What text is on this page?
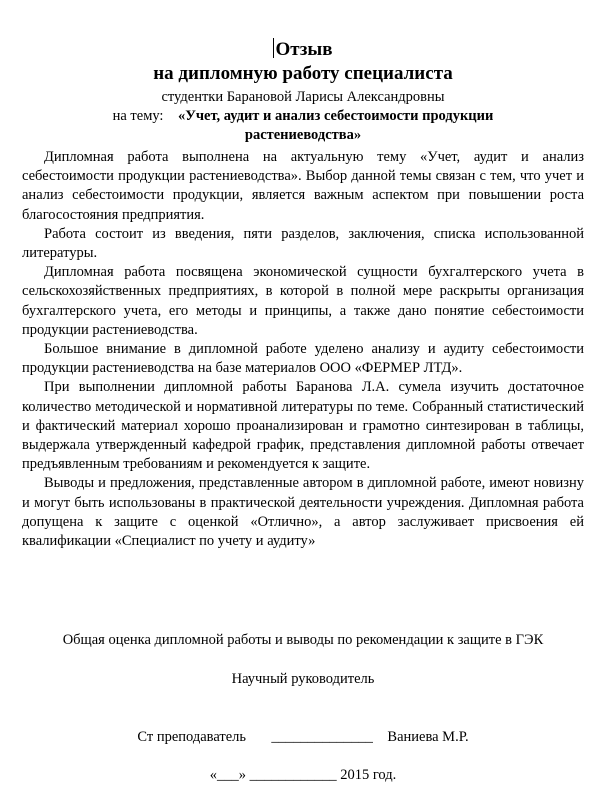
Отзыв
на дипломную работу специалиста
студентки Барановой Ларисы Александровны
на тему: «Учет, аудит и анализ себестоимости продукции
растениеводства»

Дипломная работа выполнена на актуальную тему «Учет, аудит и анализ себестоимости продукции растениеводства». Выбор данной темы связан с тем, что учет и анализ себестоимости продукции, является важным аспектом при повышении роста благосостояния предприятия.

Работа состоит из введения, пяти разделов, заключения, списка использованной литературы.

Дипломная работа посвящена экономической сущности бухгалтерского учета в сельскохозяйственных предприятиях, в которой в полной мере раскрыты организация бухгалтерского учета, его методы и принципы, а также дано понятие себестоимости продукции растениеводства.

Большое внимание в дипломной работе уделено анализу и аудиту себестоимости продукции растениеводства на базе материалов ООО «ФЕРМЕР ЛТД».

При выполнении дипломной работы Баранова Л.А. сумела изучить достаточное количество методической и нормативной литературы по теме. Собранный статистический и фактический материал хорошо проанализирован и грамотно синтезирован в таблицы, выдержала утвержденный кафедрой график, представления дипломной работы отвечает предъявленным требованиям и рекомендуется к защите.

Выводы и предложения, представленные автором в дипломной работе, имеют новизну и могут быть использованы в практической деятельности учреждения. Дипломная работа допущена к защите с оценкой «Отлично», а автор заслуживает присвоения ей квалификации «Специалист по учету и аудиту»

Общая оценка дипломной работы и выводы по рекомендации к защите в ГЭК
Научный руководитель
Ст преподаватель ______________ Ваниева М.Р.
«___» ____________ 2015 год.
